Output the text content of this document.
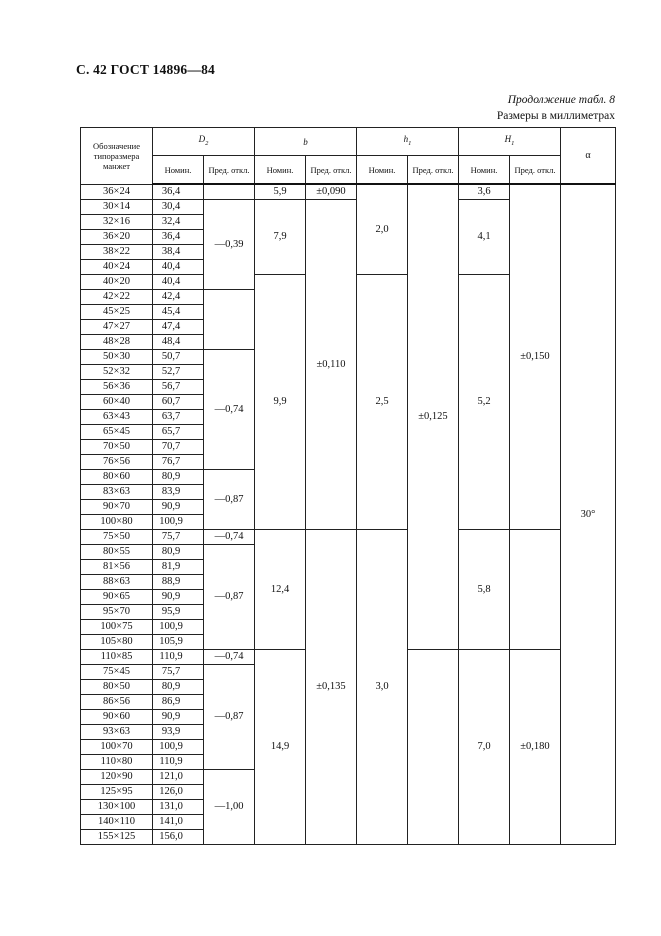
С. 42 ГОСТ 14896—84
Продолжение табл. 8
Размеры в миллиметрах
Обозначение типоразмера манжет	$D_2$		b		$h_1$		$H_1$		α
	Номин.	Пред. откл.	Номин.	Пред. откл.	Номин.	Пред. откл.	Номин.	Пред. откл.	
36×24	36,4		5,9	±0,090	2,0	±0,125	3,6	±0,150	30°
30×14	30,4	—0,39	7,9	±0,110			4,1		
32×16	32,4								
36×20	36,4								
38×22	38,4								
40×24	40,4								
40×20	40,4		9,9		2,5		5,2		
42×22	42,4								
45×25	45,4								
47×27	47,4								
48×28	48,4								
50×30	50,7	—0,74							
52×32	52,7								
56×36	56,7								
60×40	60,7								
63×43	63,7								
65×45	65,7								
70×50	70,7								
76×56	76,7								
80×60	80,9	—0,87							
83×63	83,9								
90×70	90,9								
100×80	100,9								
75×50	75,7	—0,74	12,4	±0,135	3,0		5,8		
80×55	80,9	—0,87							
81×56	81,9								
88×63	88,9								
90×65	90,9								
95×70	95,9								
100×75	100,9								
105×80	105,9								
110×85	110,9	—0,74	14,9				7,0	±0,180	
75×45	75,7	—0,87							
80×50	80,9								
86×56	86,9								
90×60	90,9								
93×63	93,9								
100×70	100,9								
110×80	110,9								
120×90	121,0	—1,00							
125×95	126,0								
130×100	131,0								
140×110	141,0								
155×125	156,0								
